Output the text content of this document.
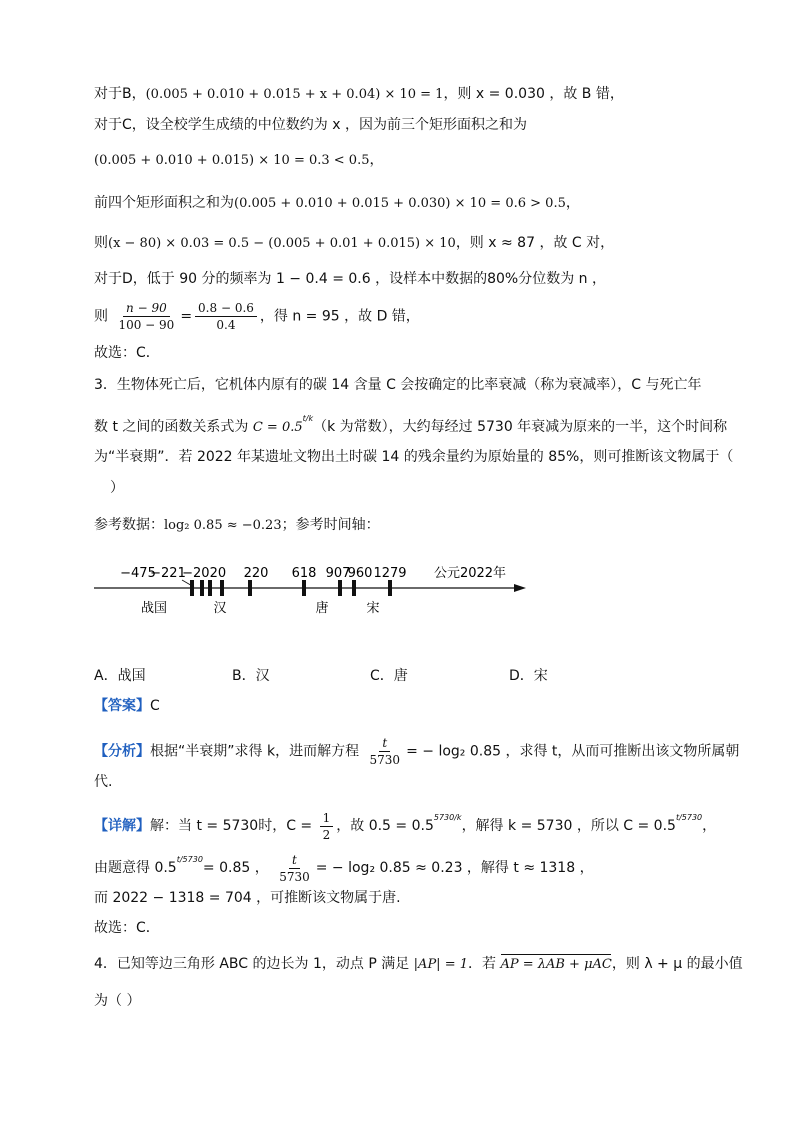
对于B，(0.005 + 0.010 + 0.015 + x + 0.04) × 10 = 1，则 x = 0.030 ，故 B 错，
对于C，设全校学生成绩的中位数约为 x ，因为前三个矩形面积之和为
(0.005 + 0.010 + 0.015) × 10 = 0.3 < 0.5，
前四个矩形面积之和为(0.005 + 0.010 + 0.015 + 0.030) × 10 = 0.6 > 0.5，
则(x − 80) × 0.03 = 0.5 − (0.005 + 0.01 + 0.015) × 10，则 x ≈ 87 ，故 C 对，
对于D，低于 90 分的频率为 1 − 0.4 = 0.6 ，设样本中数据的80%分位数为 n ，
则 $\frac{n - 90}{100 - 90} = \frac{0.8 - 0.6}{0.4}$ ，得 n = 95 ，故 D 错，
故选：C．
3．生物体死亡后，它机体内原有的碳 14 含量 C 会按确定的比率衰减（称为衰减率），C 与死亡年
数 t 之间的函数关系式为 $C = 0.5^{t/k}(k$ 为常数），大约每经过 5730 年衰减为原来的一半，这个时间称
为“半衰期”．若 2022 年某遗址文物出土时碳 14 的残余量约为原始量的 85%，则可推断该文物属于（
）
参考数据：log₂ 0.85 ≈ −0.23；参考时间轴：
−475
−221
−202 0 220 618 907
960 1279 公元2022年
战国	汉	唐	宋
A．战国	B．汉	C．唐	D．宋
【答案】C
【分析】根据“半衰期”求得 k，进而解方程 $\frac{t}{5730}$ = − log₂ 0.85 ，求得 t，从而可推断出该文物所属朝
代.
【详解】解：当 t = 5730时，$C = \frac{1}{2}$ ，故 $0.5 = 0.5^{5730/k}$，解得 k = 5730 ，所以 $C = 0.5^{t/5730}$，
由题意得 $0.5^{t/5730}= 0.85$ ， $\frac{t}{5730}$ = − log₂ 0.85 ≈ 0.23 ，解得 t ≈ 1318 ，
而 2022 − 1318 = 704 ，可推断该文物属于唐.
故选：C．
4．已知等边三角形 ABC 的边长为 1，动点 P 满足 |AP| = 1．若 AP = λAB + μAC，则 λ + μ 的最小值
为（ ）
